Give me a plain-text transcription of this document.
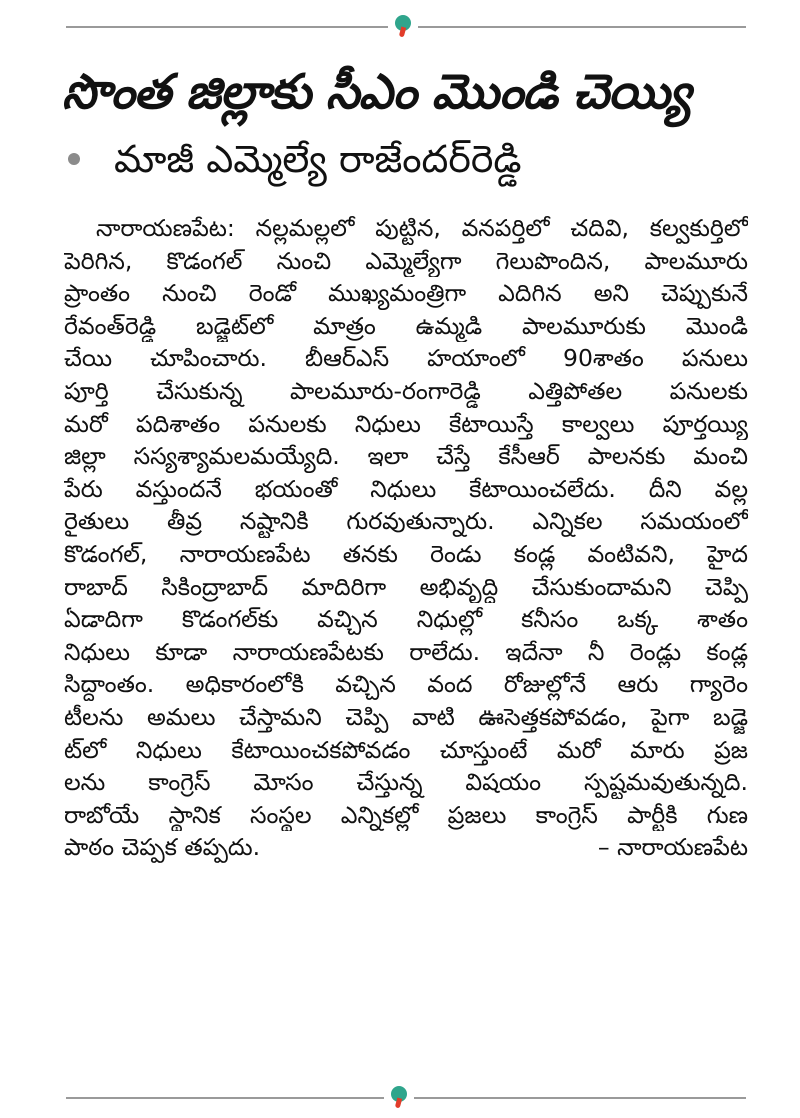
సొంత జిల్లాకు సీఎం మొండి చెయ్యి
మాజీ ఎమ్మెల్యే రాజేందర్‌రెడ్డి
నారాయణపేట: నల్లమల్లలో పుట్టిన, వనపర్తిలో చదివి, కల్వకుర్తిలో
పెరిగిన, కొడంగల్ నుంచి ఎమ్మెల్యేగా గెలుపొందిన, పాలమూరు
ప్రాంతం నుంచి రెండో ముఖ్యమంత్రిగా ఎదిగిన అని చెప్పుకునే
రేవంత్‌రెడ్డి బడ్జెట్‌లో మాత్రం ఉమ్మడి పాలమూరుకు మొండి
చేయి చూపించారు. బీఆర్‌ఎస్ హయాంలో 90శాతం పనులు
పూర్తి చేసుకున్న పాలమూరు-రంగారెడ్డి ఎత్తిపోతల పనులకు
మరో పదిశాతం పనులకు నిధులు కేటాయిస్తే కాల్వలు పూర్తయ్యి
జిల్లా సస్యశ్యామలమయ్యేది. ఇలా చేస్తే కేసీఆర్ పాలనకు మంచి
పేరు వస్తుందనే భయంతో నిధులు కేటాయించలేదు. దీని వల్ల
రైతులు తీవ్ర నష్టానికి గురవుతున్నారు. ఎన్నికల సమయంలో
కొడంగల్, నారాయణపేట తనకు రెండు కండ్ల వంటివని, హైద
రాబాద్ సికింద్రాబాద్ మాదిరిగా అభివృద్ధి చేసుకుందామని చెప్పి
ఏడాదిగా కొడంగల్‌కు వచ్చిన నిధుల్లో కనీసం ఒక్క శాతం
నిధులు కూడా నారాయణపేటకు రాలేదు. ఇదేనా నీ రెండ్లు కండ్ల
సిద్ధాంతం. అధికారంలోకి వచ్చిన వంద రోజుల్లోనే ఆరు గ్యారెం
టీలను అమలు చేస్తామని చెప్పి వాటి ఊసెత్తకపోవడం, పైగా బడ్జె
ట్‌లో నిధులు కేటాయించకపోవడం చూస్తుంటే మరో మారు ప్రజ
లను కాంగ్రెస్ మోసం చేస్తున్న విషయం స్పష్టమవుతున్నది.
రాబోయే స్థానిక సంస్థల ఎన్నికల్లో ప్రజలు కాంగ్రెస్ పార్టీకి గుణ
పాఠం చెప్పక తప్పదు.	– నారాయణపేట
